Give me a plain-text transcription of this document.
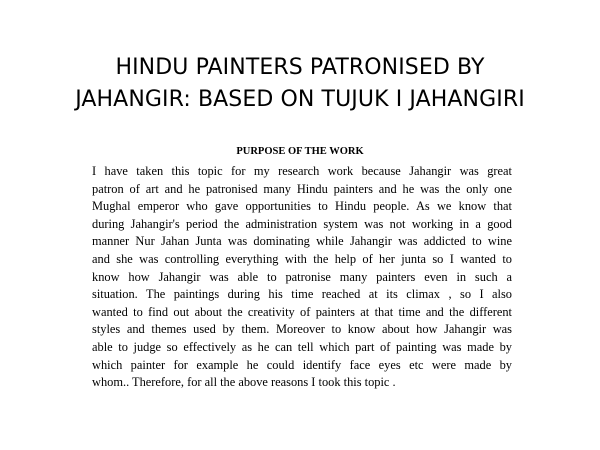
HINDU PAINTERS PATRONISED BY
JAHANGIR: BASED ON TUJUK I JAHANGIRI
PURPOSE OF THE WORK
I have taken this topic for my research work because Jahangir was great
patron of art and he patronised many Hindu painters and he was the only one
Mughal emperor who gave opportunities to Hindu people. As we know that
during Jahangir's period the administration system was not working in a good
manner Nur Jahan Junta was dominating while Jahangir was addicted to wine
and she was controlling everything with the help of her junta so I wanted to
know how Jahangir was able to patronise many painters even in such a
situation. The paintings during his time reached at its climax , so I also
wanted to find out about the creativity of painters at that time and the different
styles and themes used by them. Moreover to know about how Jahangir was
able to judge so effectively as he can tell which part of painting was made by
which painter for example he could identify face eyes etc were made by
whom.. Therefore, for all the above reasons I took this topic .
